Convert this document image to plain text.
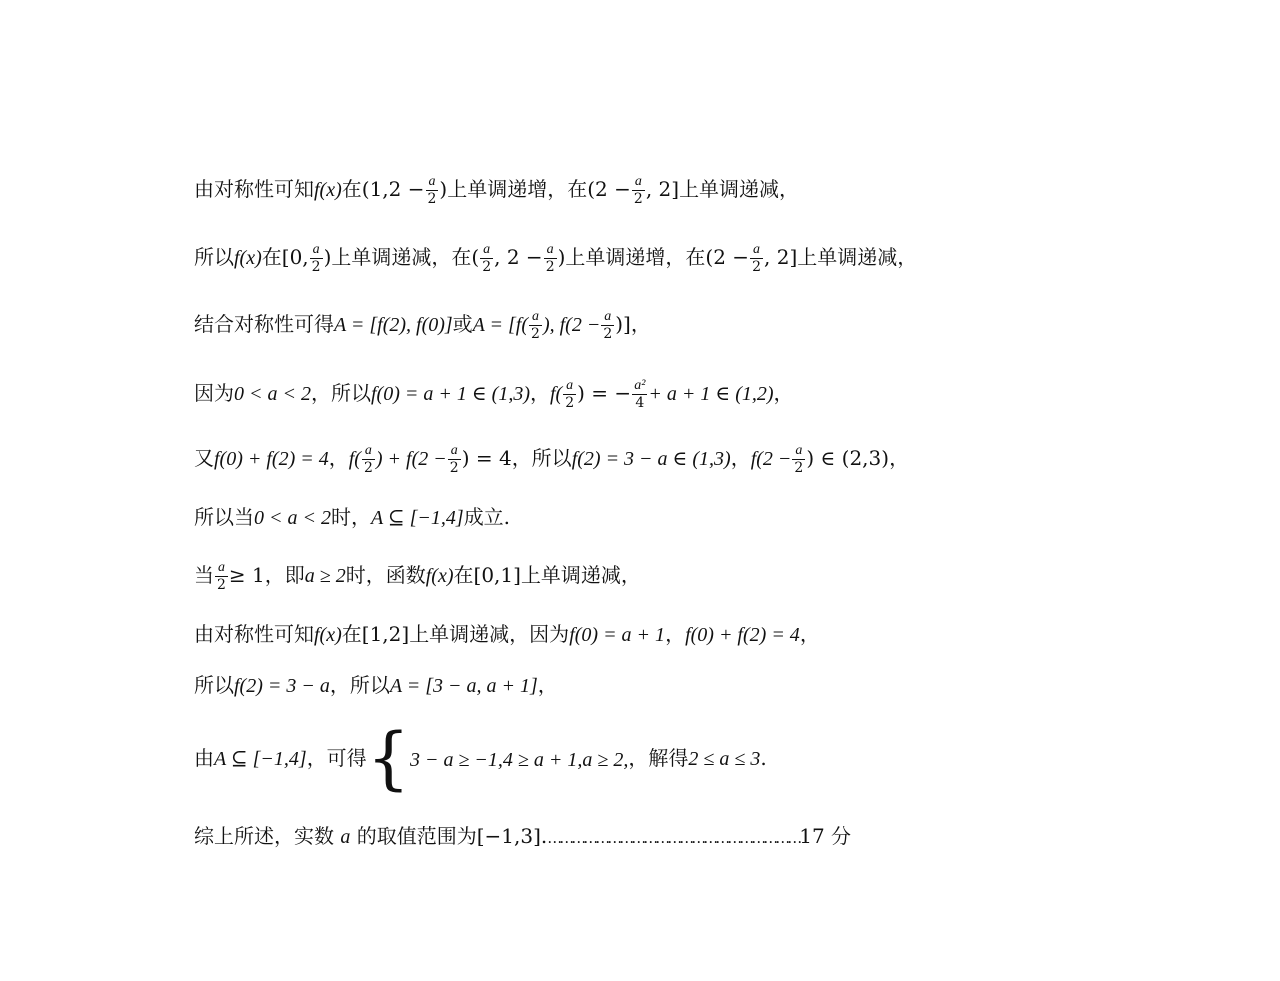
由对称性可知f(x)在($1,2 - \frac{a}{2}$ )上单调递增，在($2 - \frac{a}{2}$ , 2]上单调递减，
所以f(x)在[0, $\frac{a}{2}$ )上单调递减，在( $\frac{a}{2}$ , $2 - \frac{a}{2}$ )上单调递增，在($2 - \frac{a}{2}$ , 2]上单调递减，
结合对称性可得A = [f(2), f(0)]或$A = [f( \frac{a}{2}$ ), $f(2 - \frac{a}{2}$ )]，
因为0 < a < 2，所以f(0) = a + 1 ∈ (1,3)，$f( \frac{a}{2}$ ) = − $\frac{\text{a²}}{4} + a + 1$ ∈ (1,2)，
又f(0) + f(2) = 4，$f( \frac{a}{2}$ ) + $f(2 - \frac{a}{2}$ ) = 4，所以f(2) = 3 − a ∈ (1,3)，$f(2 - \frac{a}{2}$ ) ∈ (2,3)，
所以当0 < a < 2时，A ⊆ [−1,4]成立.
当 $\frac{a}{2} \ge 1$，即a ≥ 2时，函数f(x)在[0,1]上单调递减，
由对称性可知f(x)在[1,2]上单调递减，因为f(0) = a + 1，f(0) + f(2) = 4，
所以f(2) = 3 − a，所以A = [3 − a, a + 1]，
由A ⊆ [−1,4]，可得{3 − a ≥ −1,4 ≥ a + 1,a ≥ 2,，解得2 ≤ a ≤ 3.
综上所述，实数 a 的取值范围为[−1,3].………………………………………………………17 分
